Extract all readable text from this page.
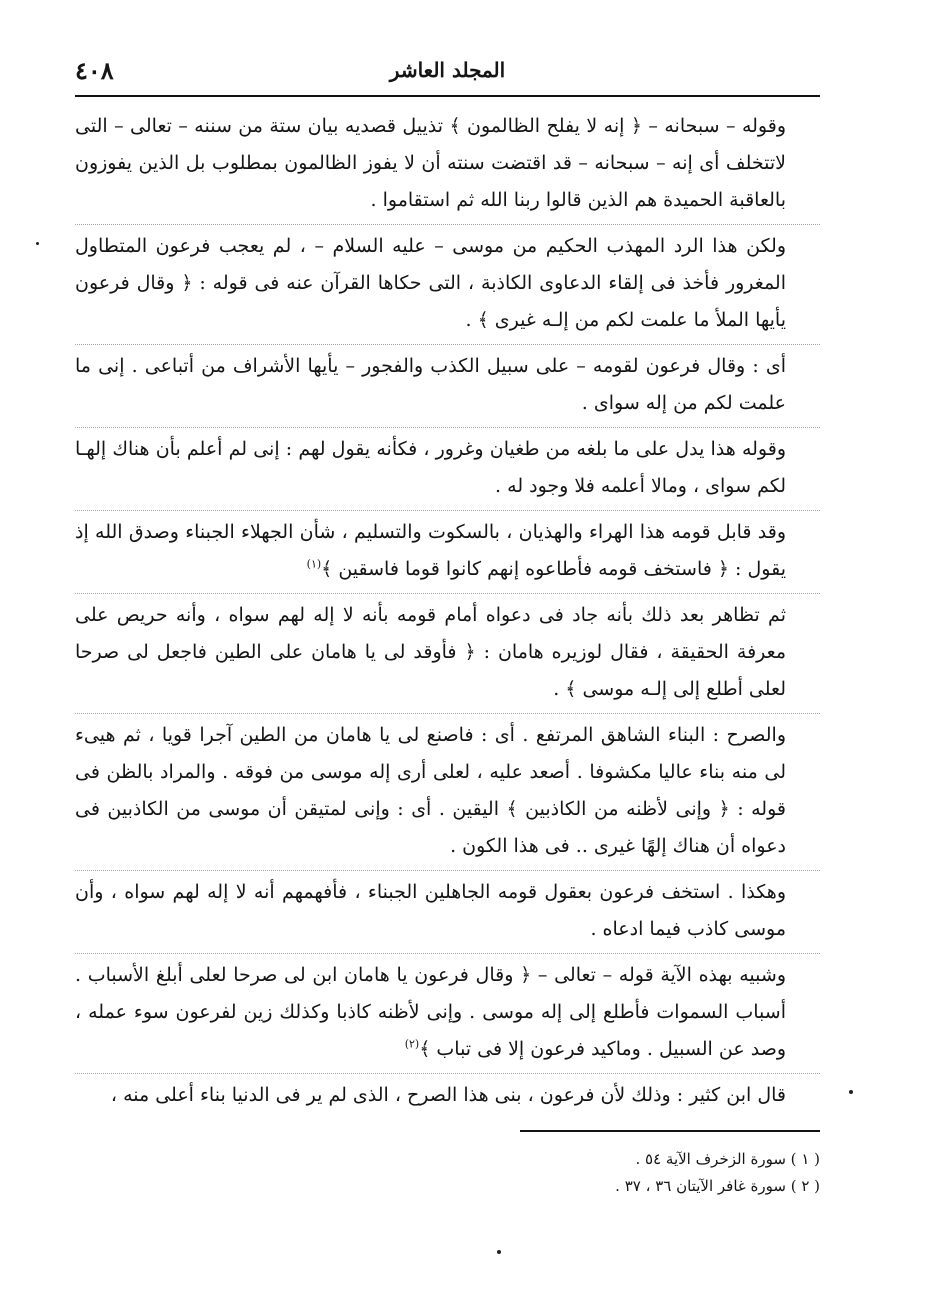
المجلد العاشر
٤٠٨

وقوله – سبحانه – ﴿ إنه لا يفلح الظالمون ﴾ تذييل قصديه بيان ستة من سننه – تعالى – التى لاتتخلف أى إنه – سبحانه – قد اقتضت سنته أن لا يفوز الظالمون بمطلوب بل الذين يفوزون بالعاقبة الحميدة هم الذين قالوا ربنا الله ثم استقاموا .

ولكن هذا الرد المهذب الحكيم من موسى – عليه السلام – ، لم يعجب فرعون المتطاول المغرور فأخذ فى إلقاء الدعاوى الكاذبة ، التى حكاها القرآن عنه فى قوله : ﴿ وقال فرعون يأيها الملأ ما علمت لكم من إلـه غيرى ﴾ .

أى : وقال فرعون لقومه – على سبيل الكذب والفجور – يأيها الأشراف من أتباعى . إنى ما علمت لكم من إله سواى .

وقوله هذا يدل على ما بلغه من طغيان وغرور ، فكأنه يقول لهم : إنى لم أعلم بأن هناك إلهـا لكم سواى ، ومالا أعلمه فلا وجود له .

وقد قابل قومه هذا الهراء والهذيان ، بالسكوت والتسليم ، شأن الجهلاء الجبناء وصدق الله إذ يقول : ﴿ فاستخف قومه فأطاعوه إنهم كانوا قوما فاسقين ﴾$^{(١)}$

ثم تظاهر بعد ذلك بأنه جاد فى دعواه أمام قومه بأنه لا إله لهم سواه ، وأنه حريص على معرفة الحقيقة ، فقال لوزيره هامان : ﴿ فأوقد لى يا هامان على الطين فاجعل لى صرحا لعلى أطلع إلى إلـه موسى ﴾ .

والصرح : البناء الشاهق المرتفع . أى : فاصنع لى يا هامان من الطين آجرا قويا ، ثم هيىء لى منه بناء عاليا مكشوفا . أصعد عليه ، لعلى أرى إله موسى من فوقه . والمراد بالظن فى قوله : ﴿ وإنى لأظنه من الكاذبين ﴾ اليقين . أى : وإنى لمتيقن أن موسى من الكاذبين فى دعواه أن هناك إلهًا غيرى .. فى هذا الكون .

وهكذا . استخف فرعون بعقول قومه الجاهلين الجبناء ، فأفهمهم أنه لا إله لهم سواه ، وأن موسى كاذب فيما ادعاه .

وشبيه بهذه الآية قوله – تعالى – ﴿ وقال فرعون يا هامان ابن لى صرحا لعلى أبلغ الأسباب . أسباب السموات فأطلع إلى إله موسى . وإنى لأظنه كاذبا وكذلك زين لفرعون سوء عمله ، وصد عن السبيل . وماكيد فرعون إلا فى تباب ﴾$^{(٢)}$

قال ابن كثير : وذلك لأن فرعون ، بنى هذا الصرح ، الذى لم ير فى الدنيا بناء أعلى منه ،

( ١ ) سورة الزخرف الآية ٥٤ .

( ٢ ) سورة غافر الآيتان ٣٦ ، ٣٧ .
